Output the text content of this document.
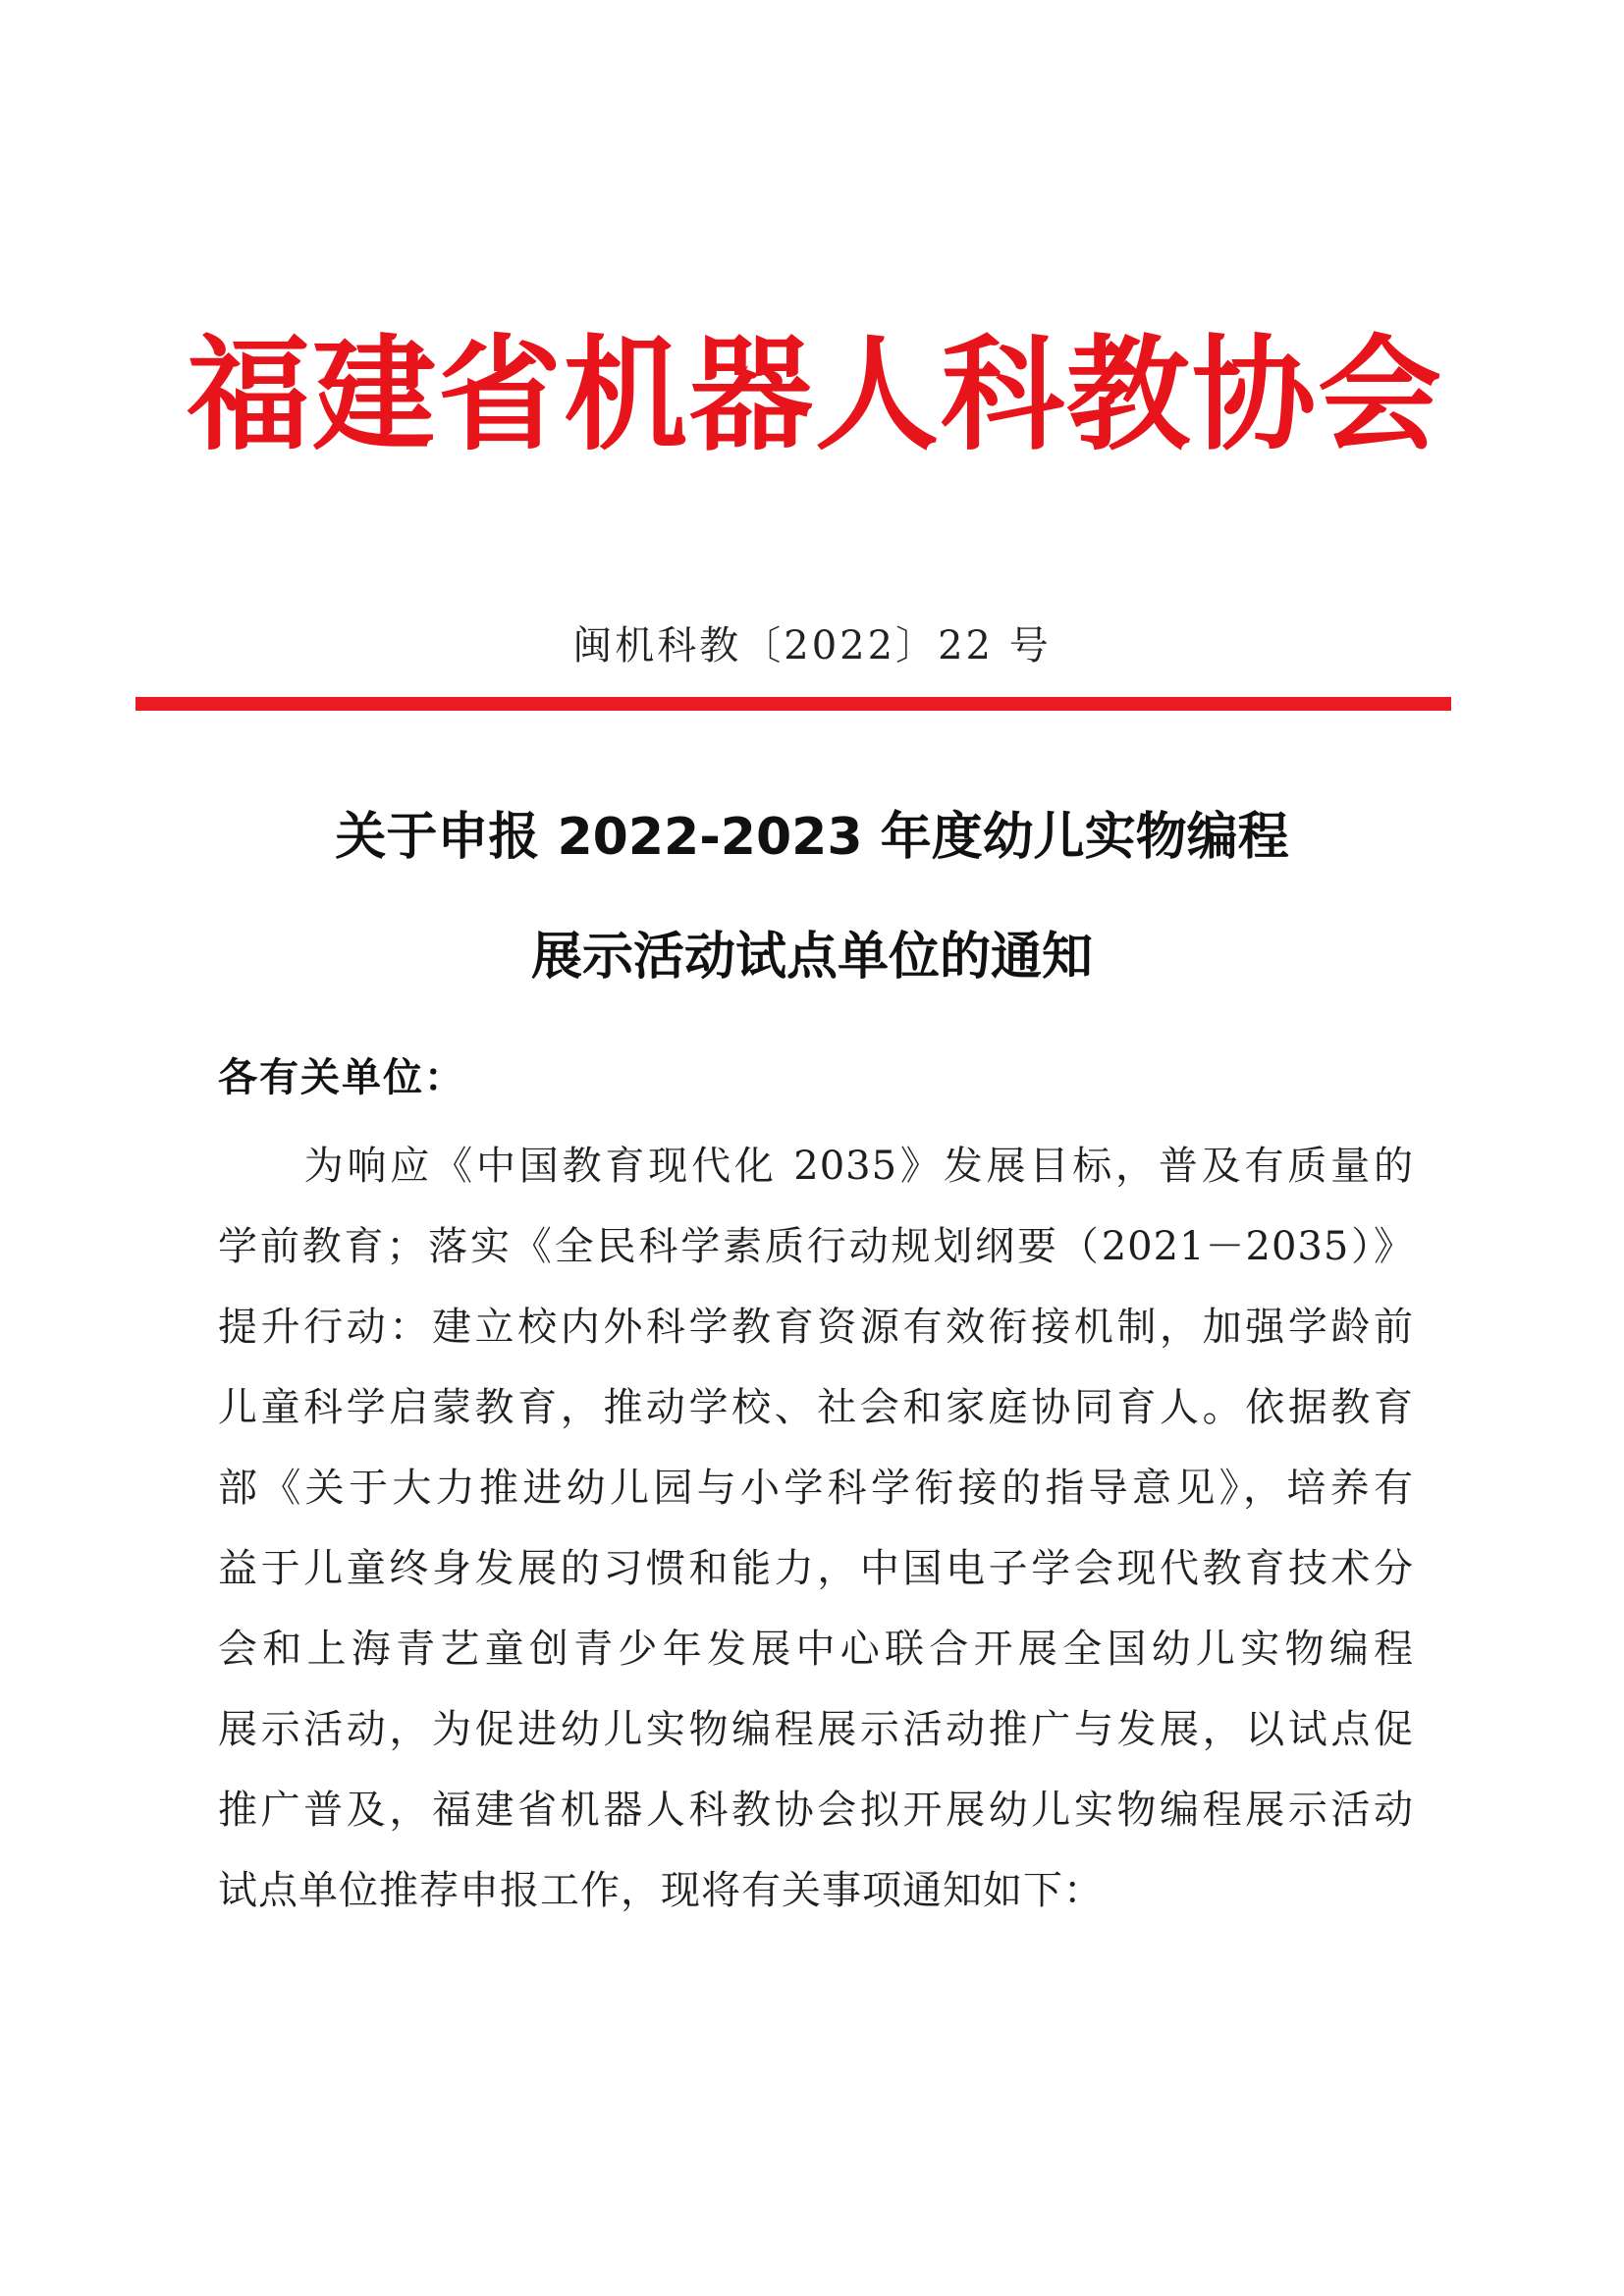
福建省机器人科教协会
闽机科教〔2022〕22 号
关于申报 2022-2023 年度幼儿实物编程
展示活动试点单位的通知
各有关单位：
　　为响应《中国教育现代化 2035》发展目标，普及有质量的
学前教育；落实《全民科学素质行动规划纲要（2021－2035）》
提升行动：建立校内外科学教育资源有效衔接机制，加强学龄前
儿童科学启蒙教育，推动学校、社会和家庭协同育人。依据教育
部《关于大力推进幼儿园与小学科学衔接的指导意见》，培养有
益于儿童终身发展的习惯和能力，中国电子学会现代教育技术分
会和上海青艺童创青少年发展中心联合开展全国幼儿实物编程
展示活动，为促进幼儿实物编程展示活动推广与发展，以试点促
推广普及，福建省机器人科教协会拟开展幼儿实物编程展示活动
试点单位推荐申报工作，现将有关事项通知如下：
